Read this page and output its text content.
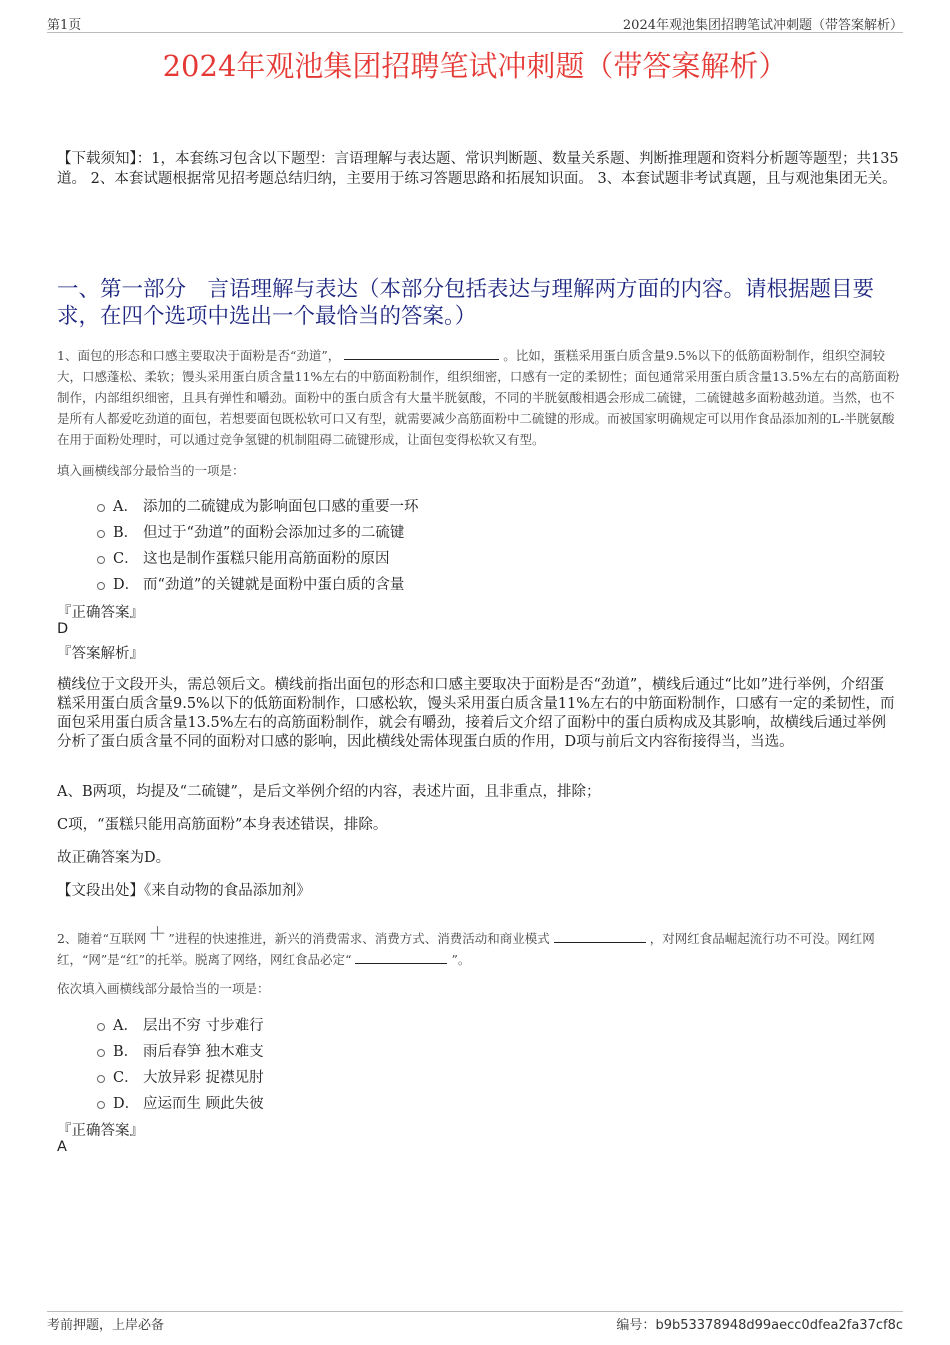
第1页	2024年观池集团招聘笔试冲刺题（带答案解析）
2024年观池集团招聘笔试冲刺题（带答案解析）
【下载须知】：1，本套练习包含以下题型：言语理解与表达题、常识判断题、数量关系题、判断推理题和资料分析题等题型；共135道。 2、本套试题根据常见招考题总结归纳，主要用于练习答题思路和拓展知识面。 3、本套试题非考试真题，且与观池集团无关。
一、第一部分　言语理解与表达（本部分包括表达与理解两方面的内容。请根据题目要求，在四个选项中选出一个最恰当的答案。）
1、面包的形态和口感主要取决于面粉是否“劲道”，	。比如，蛋糕采用蛋白质含量9.5%以下的低筋面粉制作，组织空洞较大，口感蓬松、柔软；馒头采用蛋白质含量11%左右的中筋面粉制作，组织细密，口感有一定的柔韧性；面包通常采用蛋白质含量13.5%左右的高筋面粉制作，内部组织细密，且具有弹性和嚼劲。面粉中的蛋白质含有大量半胱氨酸，不同的半胱氨酸相遇会形成二硫键，二硫键越多面粉越劲道。当然，也不是所有人都爱吃劲道的面包，若想要面包既松软可口又有型，就需要减少高筋面粉中二硫键的形成。而被国家明确规定可以用作食品添加剂的L-半胱氨酸在用于面粉处理时，可以通过竞争氢键的机制阻碍二硫键形成，让面包变得松软又有型。
填入画横线部分最恰当的一项是：
A． 添加的二硫键成为影响面包口感的重要一环
B． 但过于“劲道”的面粉会添加过多的二硫键
C． 这也是制作蛋糕只能用高筋面粉的原因
D． 而“劲道”的关键就是面粉中蛋白质的含量
『正确答案』
D
『答案解析』
横线位于文段开头，需总领后文。横线前指出面包的形态和口感主要取决于面粉是否“劲道”，横线后通过“比如”进行举例，介绍蛋糕采用蛋白质含量9.5%以下的低筋面粉制作，口感松软，馒头采用蛋白质含量11%左右的中筋面粉制作，口感有一定的柔韧性，而面包采用蛋白质含量13.5%左右的高筋面粉制作，就会有嚼劲，接着后文介绍了面粉中的蛋白质构成及其影响，故横线后通过举例分析了蛋白质含量不同的面粉对口感的影响，因此横线处需体现蛋白质的作用，D项与前后文内容衔接得当，当选。
A、B两项，均提及“二硫键”，是后文举例介绍的内容，表述片面，且非重点，排除；
C项，“蛋糕只能用高筋面粉”本身表述错误，排除。
故正确答案为D。
【文段出处】《来自动物的食品添加剂》
2、随着“互联网 ＋ ”进程的快速推进，新兴的消费需求、消费方式、消费活动和商业模式	，对网红食品崛起流行功不可没。网红网红，“网”是“红”的托举。脱离了网络，网红食品必定“	”。
依次填入画横线部分最恰当的一项是：
A． 层出不穷 寸步难行
B． 雨后春笋 独木难支
C． 大放异彩 捉襟见肘
D． 应运而生 顾此失彼
『正确答案』
A
考前押题，上岸必备	编号：b9b53378948d99aecc0dfea2fa37cf8c
